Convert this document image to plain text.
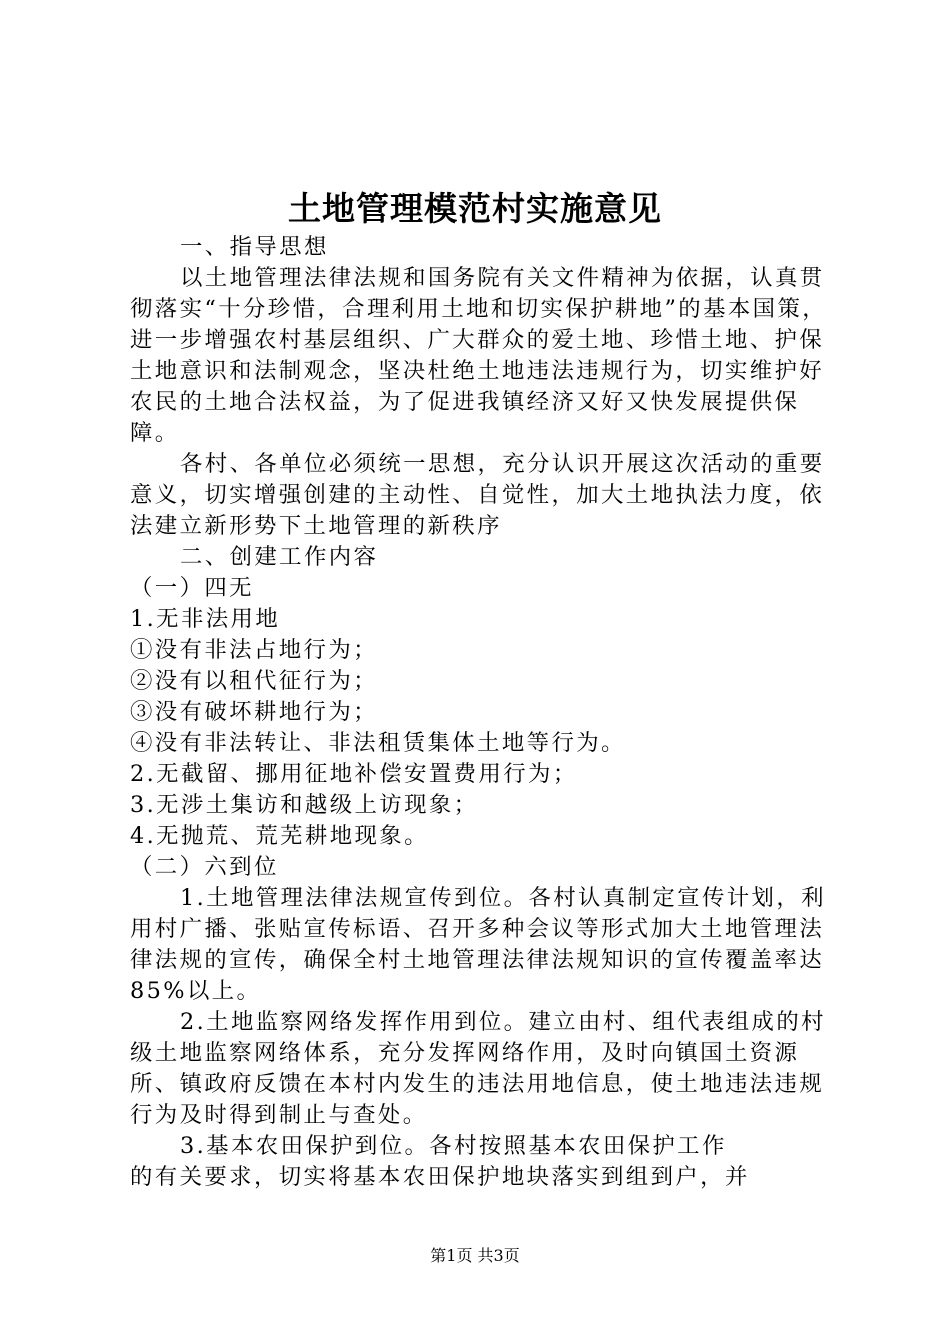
土地管理模范村实施意见

一、指导思想

以土地管理法律法规和国务院有关文件精神为依据，认真贯彻落实“十分珍惜，合理利用土地和切实保护耕地”的基本国策，进一步增强农村基层组织、广大群众的爱土地、珍惜土地、护保土地意识和法制观念，坚决杜绝土地违法违规行为，切实维护好农民的土地合法权益，为了促进我镇经济又好又快发展提供保障。

各村、各单位必须统一思想，充分认识开展这次活动的重要意义，切实增强创建的主动性、自觉性，加大土地执法力度，依法建立新形势下土地管理的新秩序

二、创建工作内容

（一）四无

1.无非法用地

①没有非法占地行为；

②没有以租代征行为；

③没有破坏耕地行为；

④没有非法转让、非法租赁集体土地等行为。

2.无截留、挪用征地补偿安置费用行为；

3.无涉土集访和越级上访现象；

4.无抛荒、荒芜耕地现象。

（二）六到位

1.土地管理法律法规宣传到位。各村认真制定宣传计划，利用村广播、张贴宣传标语、召开多种会议等形式加大土地管理法律法规的宣传，确保全村土地管理法律法规知识的宣传覆盖率达85%以上。

2.土地监察网络发挥作用到位。建立由村、组代表组成的村级土地监察网络体系，充分发挥网络作用，及时向镇国土资源所、镇政府反馈在本村内发生的违法用地信息，使土地违法违规行为及时得到制止与查处。

3.基本农田保护到位。各村按照基本农田保护工作

的有关要求，切实将基本农田保护地块落实到组到户，并

第1页 共3页
